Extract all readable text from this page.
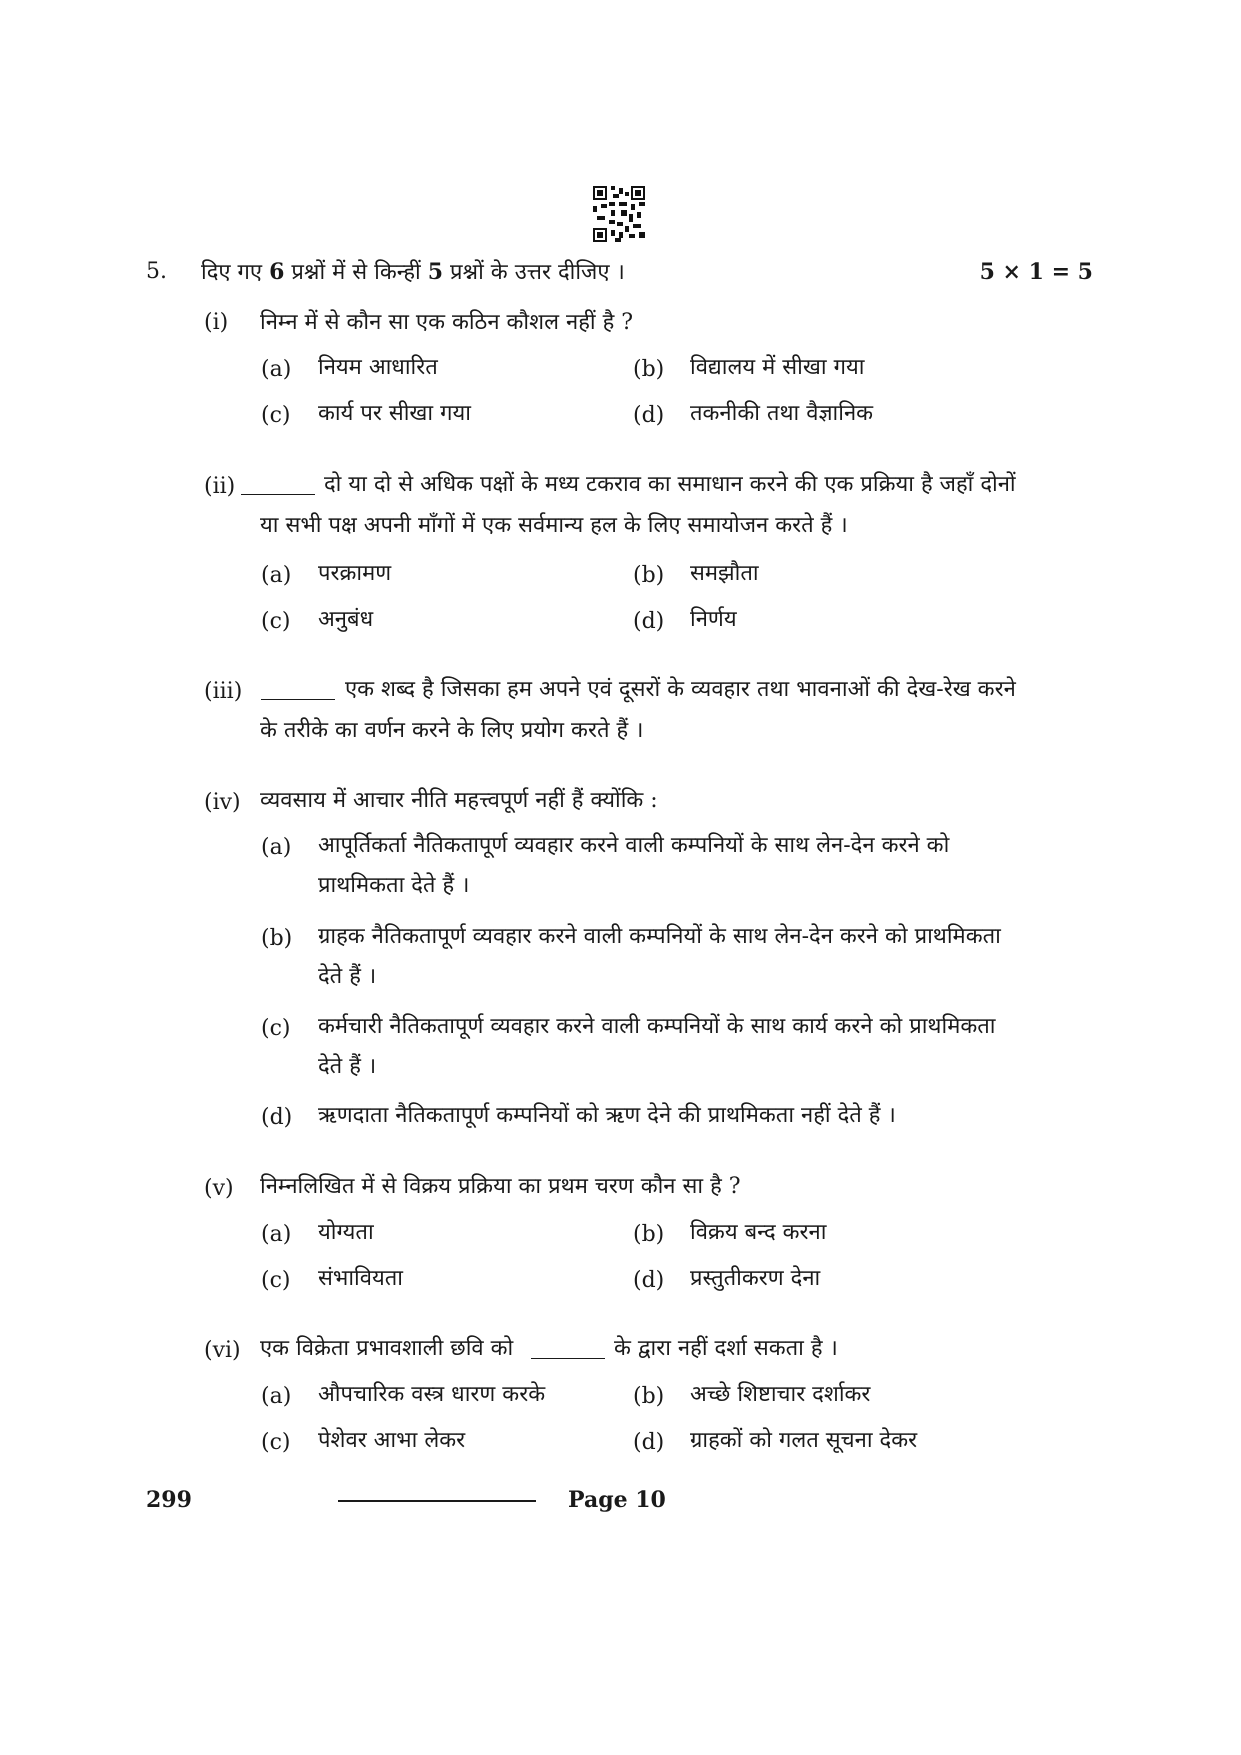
5. दिए गए 6 प्रश्नों में से किन्हीं 5 प्रश्नों के उत्तर दीजिए ।	5 × 1 = 5
(i) निम्न में से कौन सा एक कठिन कौशल नहीं है ?
(a) नियम आधारित	(b) विद्यालय में सीखा गया
(c) कार्य पर सीखा गया	(d) तकनीकी तथा वैज्ञानिक
(ii)	दो या दो से अधिक पक्षों के मध्य टकराव का समाधान करने की एक प्रक्रिया है जहाँ दोनों
या सभी पक्ष अपनी माँगों में एक सर्वमान्य हल के लिए समायोजन करते हैं ।
(a) परक्रामण	(b) समझौता
(c) अनुबंध	(d) निर्णय
(iii)	एक शब्द है जिसका हम अपने एवं दूसरों के व्यवहार तथा भावनाओं की देख-रेख करने
के तरीके का वर्णन करने के लिए प्रयोग करते हैं ।
(iv) व्यवसाय में आचार नीति महत्त्वपूर्ण नहीं हैं क्योंकि :
(a) आपूर्तिकर्ता नैतिकतापूर्ण व्यवहार करने वाली कम्पनियों के साथ लेन-देन करने को
प्राथमिकता देते हैं ।
(b) ग्राहक नैतिकतापूर्ण व्यवहार करने वाली कम्पनियों के साथ लेन-देन करने को प्राथमिकता
देते हैं ।
(c) कर्मचारी नैतिकतापूर्ण व्यवहार करने वाली कम्पनियों के साथ कार्य करने को प्राथमिकता
देते हैं ।
(d) ऋणदाता नैतिकतापूर्ण कम्पनियों को ऋण देने की प्राथमिकता नहीं देते हैं ।
(v) निम्नलिखित में से विक्रय प्रक्रिया का प्रथम चरण कौन सा है ?
(a) योग्यता	(b) विक्रय बन्द करना
(c) संभावियता	(d) प्रस्तुतीकरण देना
(vi) एक विक्रेता प्रभावशाली छवि को	के द्वारा नहीं दर्शा सकता है ।
(a) औपचारिक वस्त्र धारण करके	(b) अच्छे शिष्टाचार दर्शाकर
(c) पेशेवर आभा लेकर	(d) ग्राहकों को गलत सूचना देकर
299	Page 10
